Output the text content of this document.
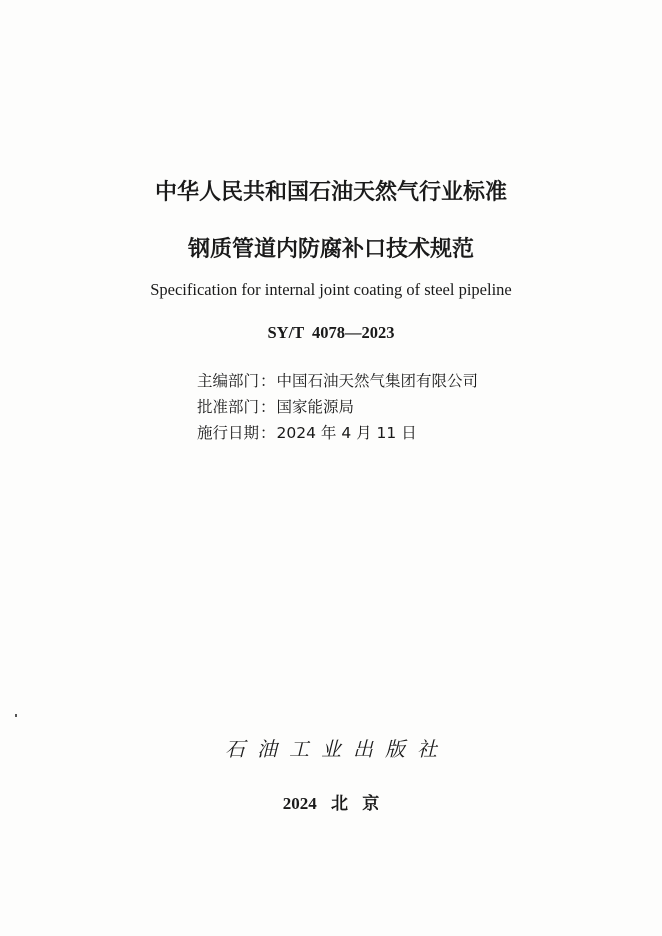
中华人民共和国石油天然气行业标准
钢质管道内防腐补口技术规范
Specification for internal joint coating of steel pipeline
SY/T 4078—2023
主编部门 ： 中国石油天然气集团有限公司
批准部门 ： 国家能源局
施行日期 ： 2024 年 4 月 11 日
石油工业出版社
2024 北 京
